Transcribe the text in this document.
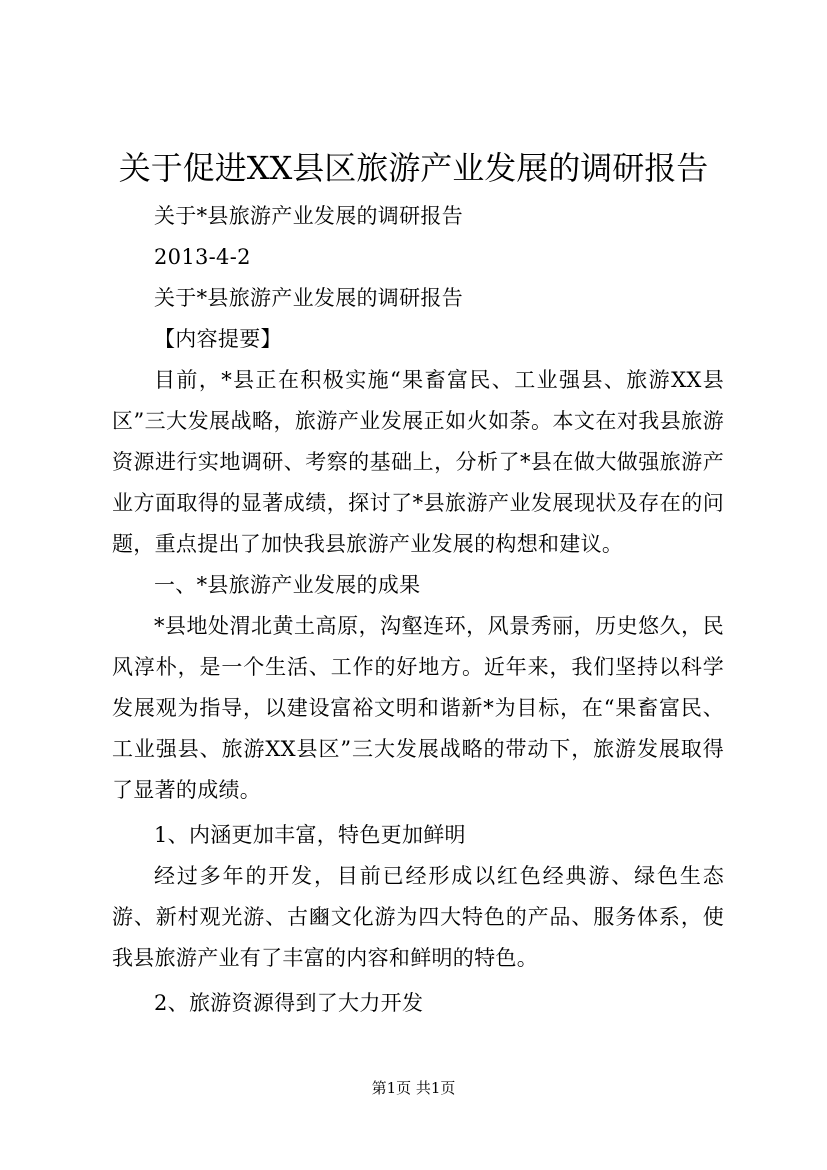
关于促进XX县区旅游产业发展的调研报告

关于*县旅游产业发展的调研报告

2013-4-2

关于*县旅游产业发展的调研报告

【内容提要】

目前，*县正在积极实施“果畜富民、工业强县、旅游XX县区”三大发展战略，旅游产业发展正如火如荼。本文在对我县旅游资源进行实地调研、考察的基础上，分析了*县在做大做强旅游产业方面取得的显著成绩，探讨了*县旅游产业发展现状及存在的问题，重点提出了加快我县旅游产业发展的构想和建议。

一、*县旅游产业发展的成果

*县地处渭北黄土高原，沟壑连环，风景秀丽，历史悠久，民风淳朴，是一个生活、工作的好地方。近年来，我们坚持以科学发展观为指导，以建设富裕文明和谐新*为目标，在“果畜富民、工业强县、旅游XX县区”三大发展战略的带动下，旅游发展取得了显著的成绩。

1、内涵更加丰富，特色更加鲜明

经过多年的开发，目前已经形成以红色经典游、绿色生态游、新村观光游、古豳文化游为四大特色的产品、服务体系，使我县旅游产业有了丰富的内容和鲜明的特色。

2、旅游资源得到了大力开发

第1页 共1页
